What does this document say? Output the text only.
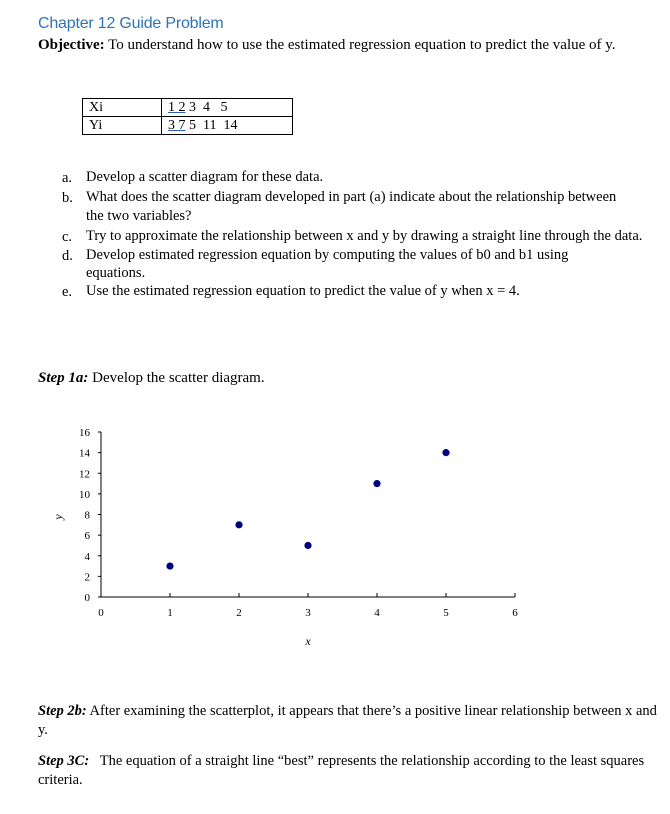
Chapter 12 Guide Problem
Objective: To understand how to use the estimated regression equation to predict the value of y.
Xi	1 2 3  4   5
Yi	3 7 5  11  14
a. Develop a scatter diagram for these data.
b. What does the scatter diagram developed in part (a) indicate about the relationship between the two variables?
c. Try to approximate the relationship between x and y by drawing a straight line through the data.
d. Develop estimated regression equation by computing the values of b0 and b1 using equations.
e. Use the estimated regression equation to predict the value of y when x = 4.
Step 1a: Develop the scatter diagram.
0
2
4
6
8
10
12
14
16
0	1	2	3	4	5	6
x
y
Step 2b: After examining the scatterplot, it appears that there’s a positive linear relationship between x and y.
Step 3C:   The equation of a straight line “best” represents the relationship according to the least squares criteria.
